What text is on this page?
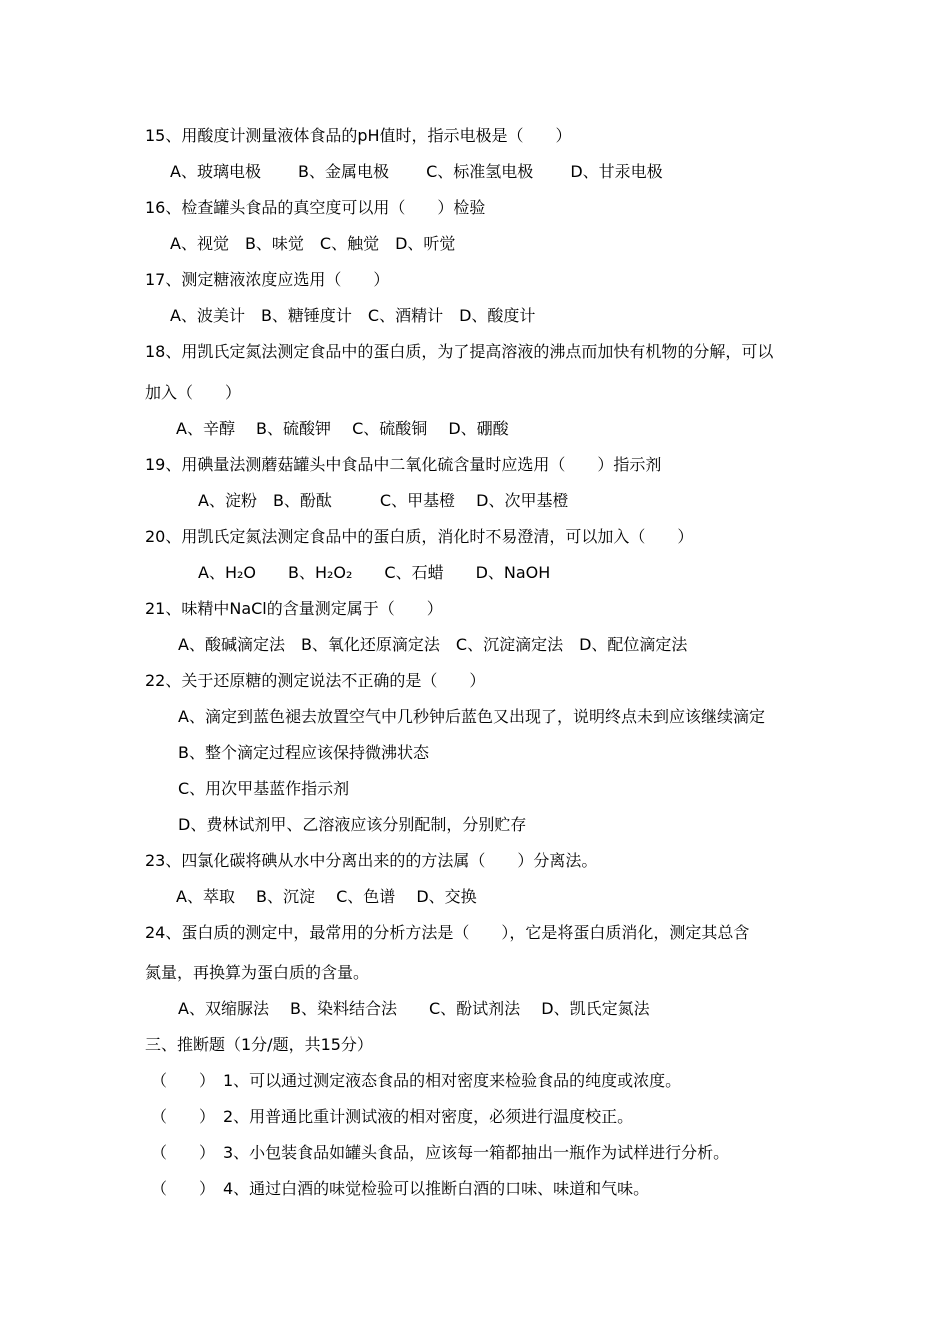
15、用酸度计测量液体食品的pH值时，指示电极是（　　）
A、玻璃电极　　 B、金属电极　　 C、标准氢电极　　 D、甘汞电极
16、检查罐头食品的真空度可以用（　　）检验
A、视觉　B、味觉　C、触觉　D、听觉
17、测定糖液浓度应选用（　　）
A、波美计　B、糖锤度计　C、酒精计　D、酸度计
18、用凯氏定氮法测定食品中的蛋白质，为了提高溶液的沸点而加快有机物的分解，可以
加入（　　）
A、辛醇　 B、硫酸钾　 C、硫酸铜　 D、硼酸
19、用碘量法测蘑菇罐头中食品中二氧化硫含量时应选用（　　）指示剂
A、淀粉　B、酚酞　　　C、甲基橙　 D、次甲基橙
20、用凯氏定氮法测定食品中的蛋白质，消化时不易澄清，可以加入（　　）
A、H₂O　　B、H₂O₂　　C、石蜡　　D、NaOH
21、味精中NaCl的含量测定属于（　　）
A、酸碱滴定法　B、氧化还原滴定法　C、沉淀滴定法　D、配位滴定法
22、关于还原糖的测定说法不正确的是（　　）
A、滴定到蓝色褪去放置空气中几秒钟后蓝色又出现了，说明终点未到应该继续滴定
B、整个滴定过程应该保持微沸状态
C、用次甲基蓝作指示剂
D、费林试剂甲、乙溶液应该分别配制，分别贮存
23、四氯化碳将碘从水中分离出来的的方法属（　　）分离法。
A、萃取　 B、沉淀　 C、色谱　 D、交换
24、蛋白质的测定中，最常用的分析方法是（　　），它是将蛋白质消化，测定其总含
氮量，再换算为蛋白质的含量。
A、双缩脲法　 B、染料结合法　　C、酚试剂法　 D、凯氏定氮法
三、推断题（1分/题，共15分）
（　　）　1、可以通过测定液态食品的相对密度来检验食品的纯度或浓度。
（　　）　2、用普通比重计测试液的相对密度，必须进行温度校正。
（　　）　3、小包装食品如罐头食品，应该每一箱都抽出一瓶作为试样进行分析。
（　　）　4、通过白酒的味觉检验可以推断白酒的口味、味道和气味。
